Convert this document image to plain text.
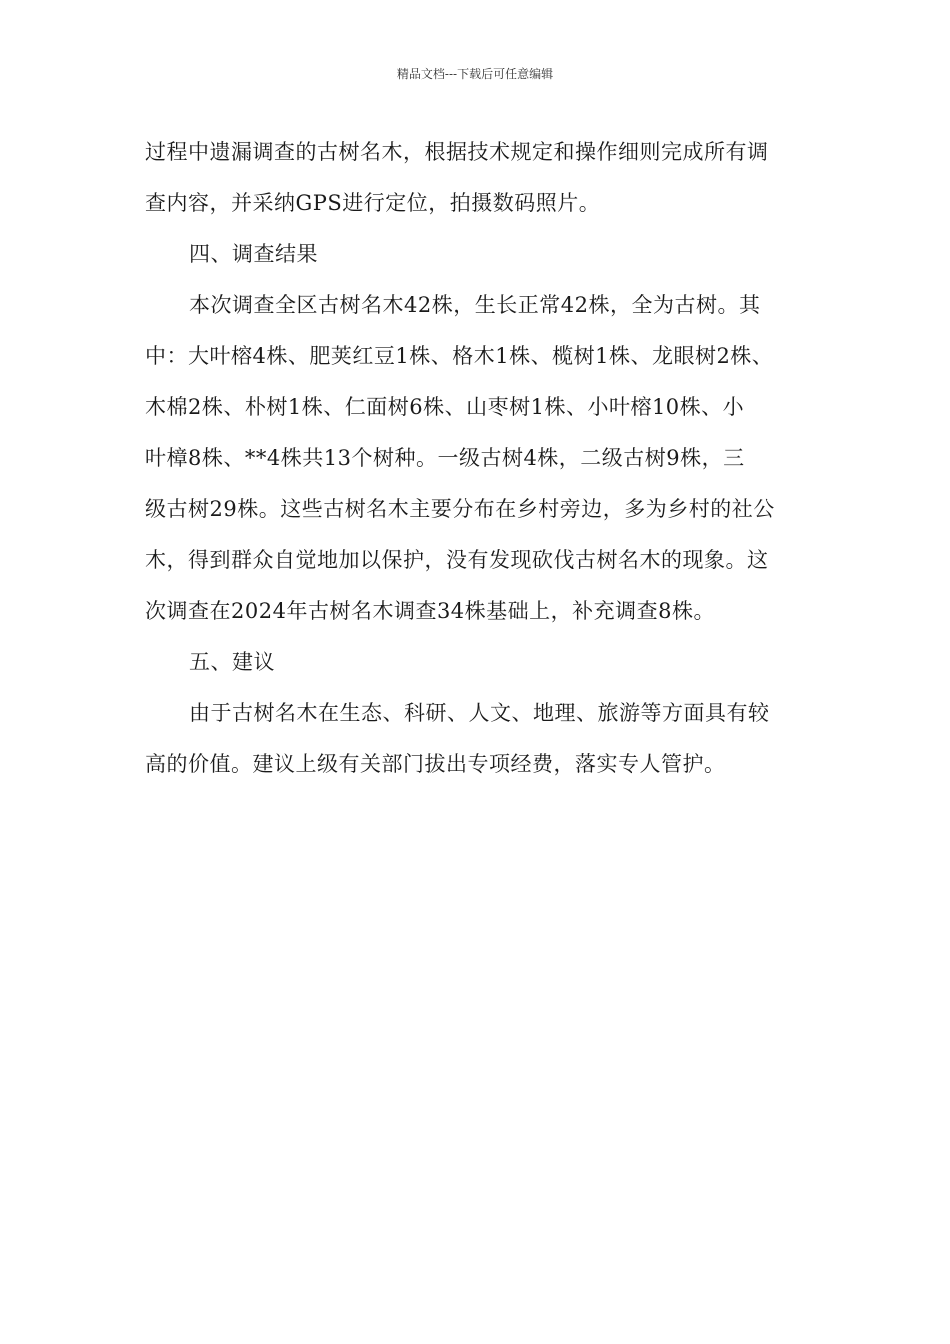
精品文档---下载后可任意编辑
过程中遗漏调查的古树名木，根据技术规定和操作细则完成所有调
查内容，并采纳GPS进行定位，拍摄数码照片。
四、调查结果
本次调查全区古树名木42株，生长正常42株，全为古树。其
中：大叶榕4株、肥荚红豆1株、格木1株、榄树1株、龙眼树2株、
木棉2株、朴树1株、仁面树6株、山枣树1株、小叶榕10株、小
叶樟8株、**4株共13个树种。一级古树4株，二级古树9株，三
级古树29株。这些古树名木主要分布在乡村旁边，多为乡村的社公
木，得到群众自觉地加以保护，没有发现砍伐古树名木的现象。这
次调查在2024年古树名木调查34株基础上，补充调查8株。
五、建议
由于古树名木在生态、科研、人文、地理、旅游等方面具有较
高的价值。建议上级有关部门拔出专项经费，落实专人管护。
